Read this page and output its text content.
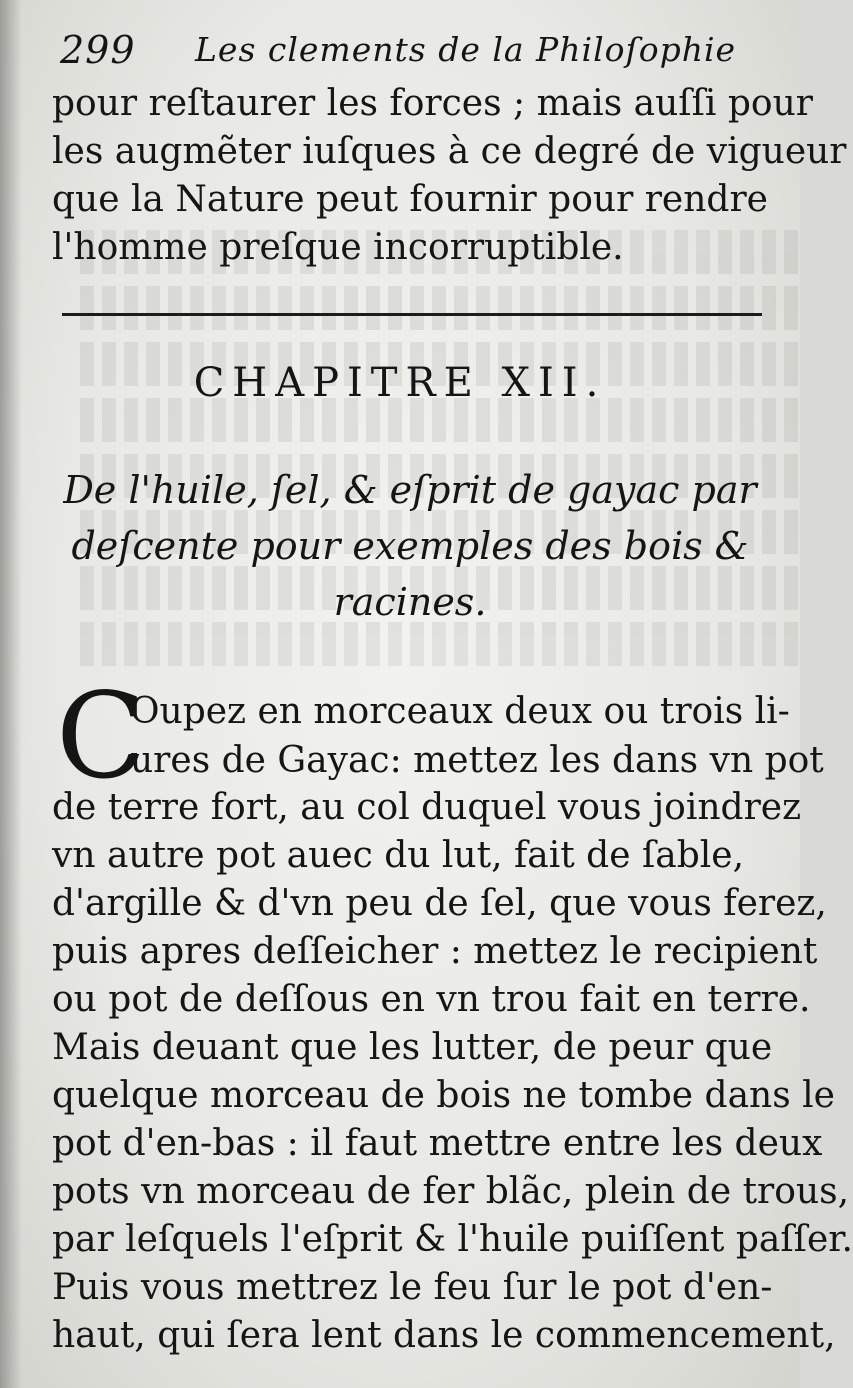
299 Les clements de la Philoſophie
pour reſtaurer les forces ; mais auſſi pour
les augmẽter iuſques à ce degré de vigueur
que la Nature peut fournir pour rendre
l'homme preſque incorruptible.
CHAPITRE XII.
De l'huile, ſel, & eſprit de gayac par
deſcente pour exemples des bois &
racines.
C
Oupez en morceaux deux ou trois li-
ures de Gayac: mettez les dans vn pot
de terre fort, au col duquel vous joindrez
vn autre pot auec du lut, fait de ſable,
d'argille & d'vn peu de ſel, que vous ferez,
puis apres deſſeicher : mettez le recipient
ou pot de deſſous en vn trou fait en terre.
Mais deuant que les lutter, de peur que
quelque morceau de bois ne tombe dans le
pot d'en-bas : il faut mettre entre les deux
pots vn morceau de fer blãc, plein de trous,
par leſquels l'eſprit & l'huile puiſſent paſſer.
Puis vous mettrez le feu ſur le pot d'en-
haut, qui ſera lent dans le commencement,
